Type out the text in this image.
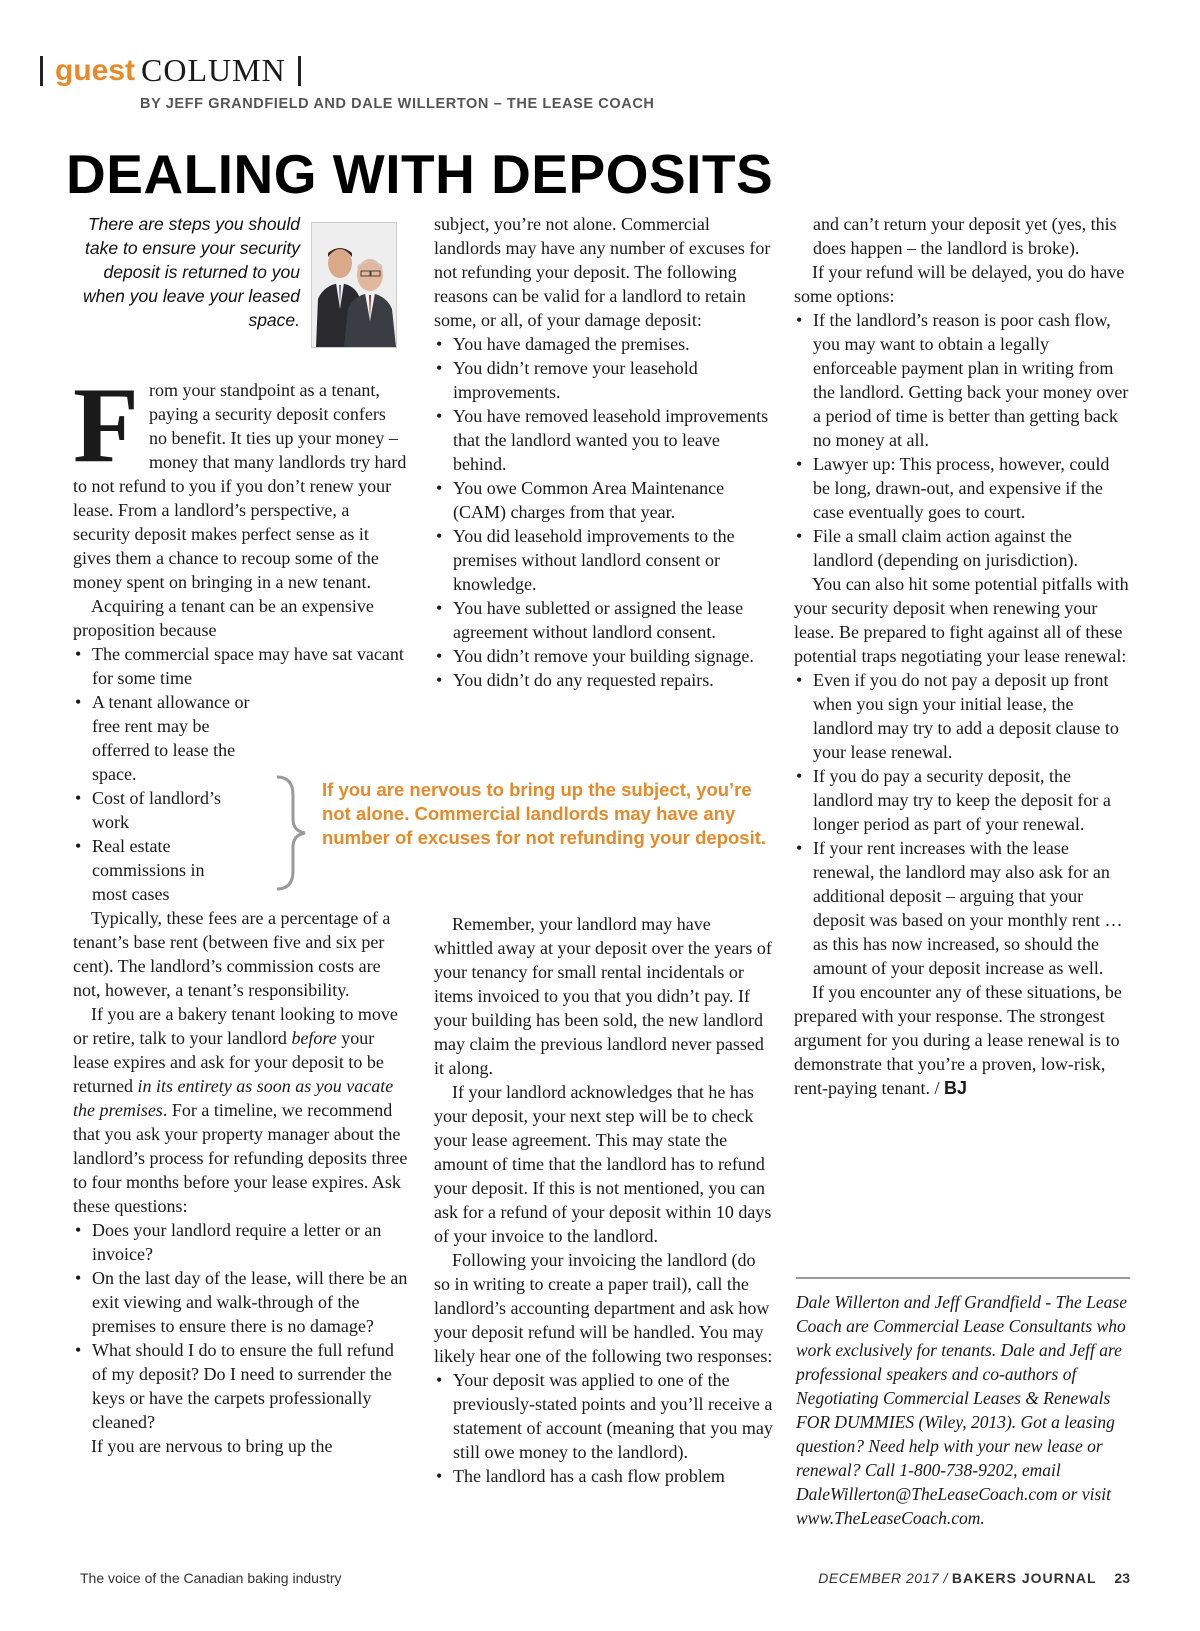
guest COLUMN
BY JEFF GRANDFIELD AND DALE WILLERTON – THE LEASE COACH
DEALING WITH DEPOSITS
There are steps you should take to ensure your security deposit is returned to you when you leave your leased space.
F rom your standpoint as a tenant, paying a security deposit confers no benefit. It ties up your money – money that many landlords try hard to not refund to you if you don’t renew your lease. From a landlord’s perspective, a security deposit makes perfect sense as it gives them a chance to recoup some of the money spent on bringing in a new tenant.

Acquiring a tenant can be an expensive proposition because

• The commercial space may have sat vacant for some time
• A tenant allowance or free rent may be offerred to lease the space.
• Cost of landlord’s work
• Real estate commissions in most cases

Typically, these fees are a percentage of a tenant’s base rent (between five and six per cent). The landlord’s commission costs are not, however, a tenant’s responsibility.

If you are a bakery tenant looking to move or retire, talk to your landlord before your lease expires and ask for your deposit to be returned in its entirety as soon as you vacate the premises. For a timeline, we recommend that you ask your property manager about the landlord’s process for refunding deposits three to four months before your lease expires. Ask these questions:

• Does your landlord require a letter or an invoice?
• On the last day of the lease, will there be an exit viewing and walk-through of the premises to ensure there is no damage?
• What should I do to ensure the full refund of my deposit? Do I need to surrender the keys or have the carpets professionally cleaned?

If you are nervous to bring up the

subject, you’re not alone. Commercial landlords may have any number of excuses for not refunding your deposit. The following reasons can be valid for a landlord to retain some, or all, of your damage deposit:

• You have damaged the premises.
• You didn’t remove your leasehold improvements.
• You have removed leasehold improvements that the landlord wanted you to leave behind.
• You owe Common Area Maintenance (CAM) charges from that year.
• You did leasehold improvements to the premises without landlord consent or knowledge.
• You have subletted or assigned the lease agreement without landlord consent.
• You didn’t remove your building signage.
• You didn’t do any requested repairs.
If you are nervous to bring up the subject, you’re not alone. Commercial landlords may have any number of excuses for not refunding your deposit.

Remember, your landlord may have whittled away at your deposit over the years of your tenancy for small rental incidentals or items invoiced to you that you didn’t pay. If your building has been sold, the new landlord may claim the previous landlord never passed it along.

If your landlord acknowledges that he has your deposit, your next step will be to check your lease agreement. This may state the amount of time that the landlord has to refund your deposit. If this is not mentioned, you can ask for a refund of your deposit within 10 days of your invoice to the landlord.

Following your invoicing the landlord (do so in writing to create a paper trail), call the landlord’s accounting department and ask how your deposit refund will be handled. You may likely hear one of the following two responses:

• Your deposit was applied to one of the previously-stated points and you’ll receive a statement of account (meaning that you may still owe money to the landlord).
• The landlord has a cash flow problem

and can’t return your deposit yet (yes, this does happen – the landlord is broke).

If your refund will be delayed, you do have some options:

• If the landlord’s reason is poor cash flow, you may want to obtain a legally enforceable payment plan in writing from the landlord. Getting back your money over a period of time is better than getting back no money at all.
• Lawyer up: This process, however, could be long, drawn-out, and expensive if the case eventually goes to court.
• File a small claim action against the landlord (depending on jurisdiction).

You can also hit some potential pitfalls with your security deposit when renewing your lease. Be prepared to fight against all of these potential traps negotiating your lease renewal:

• Even if you do not pay a deposit up front when you sign your initial lease, the landlord may try to add a deposit clause to your lease renewal.
• If you do pay a security deposit, the landlord may try to keep the deposit for a longer period as part of your renewal.
• If your rent increases with the lease renewal, the landlord may also ask for an additional deposit – arguing that your deposit was based on your monthly rent … as this has now increased, so should the amount of your deposit increase as well.

If you encounter any of these situations, be prepared with your response. The strongest argument for you during a lease renewal is to demonstrate that you’re a proven, low-risk, rent-paying tenant. / BJ

Dale Willerton and Jeff Grandfield - The Lease Coach are Commercial Lease Consultants who work exclusively for tenants. Dale and Jeff are professional speakers and co-authors of Negotiating Commercial Leases & Renewals FOR DUMMIES (Wiley, 2013). Got a leasing question? Need help with your new lease or renewal? Call 1-800-738-9202, email DaleWillerton@TheLeaseCoach.com or visit www.TheLeaseCoach.com.
The voice of the Canadian baking industry	DECEMBER 2017 / BAKERS JOURNAL 23
